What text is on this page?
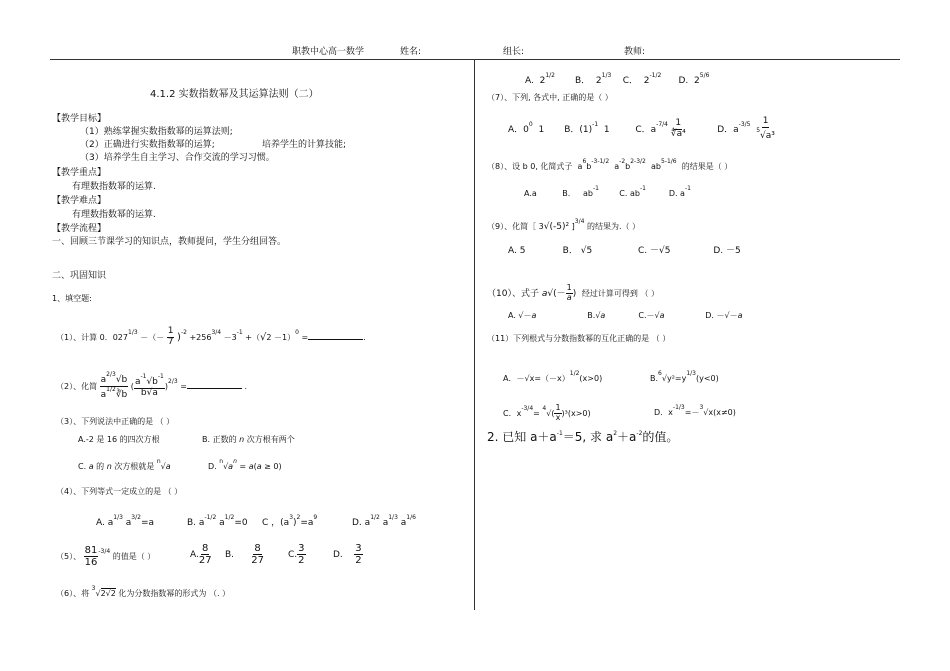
职教中心高一数学	姓名:	组长:	教师:
4.1.2 实数指数幂及其运算法则（二）
【教学目标】
（1）熟练掌握实数指数幂的运算法则;
（2）正确进行实数指数幂的运算;	培养学生的计算技能;
（3）培养学生自主学习、合作交流的学习习惯。
【教学重点】
有理数指数幂的运算.
【教学难点】
有理数指数幂的运算.
【教学流程】
一、回顾三节课学习的知识点，教师提问，学生分组回答。
二、巩固知识
1、填空题:
（1）、计算 0．$027^{1/3}$ －（－ $\frac{1}{7} )^{-2} +256^{3/4} -3^{-1} +(√2 -1)^0$ =	.
（2）、化简 $\frac{a^{2/3}√b}{a^{1/2}∛b}$ ( $\frac{a^{-1}√b^{-1}}{b√a} )^{2/3}$ =	.
（3）、下列说法中正确的是 （ ）
A.-2 是 16 的四次方根	B. 正数的 n 次方根有两个
C. a 的 n 次方根就是 $^n$√a	D. $^n√a^n = a(a \ge 0)$
（4）、下列等式一定成立的是 （ ）
A. $a^{1/3}$ $a^{3/2}=a$	B. $a^{-1/2}$ $a^{1/2}=0$ C ，$(a^3)^2=a^9$
D. $a^{1/2}$ $a^{1/3}$ $a^{1/6}$
（5）、 $\frac{81}{16} ^{-3/4}$ 的值是（ ）	A. $\frac{8}{27} B$. $\frac{8}{27}$	C. $\frac{3}{2}$	D. $\frac{3}{2}$
（6）、将 $^3$√2√2 化为分数指数幂的形式为 （. ）
A.  $2^{1/2}$       B．  $2^{1/3}$    C．  $2^{-1/2}$      D.  $2^{5/6}$
（7）、下列, 各式中, 正确的是（ ）
A．$0^0$  1 B．$(1)^{-1}$  1	C．$a^{-7/4} \frac{1}{\text{∜a⁴}}$	D．$a^{-3/5} \frac{1}{^5√a^3}$
（8）、设 b 0, 化简式子  $a^6b^{-3-1/2}$  $a^{-2}b^{2-3/2}$  $ab^{5-1/6}$  的结果是（ ）
A.a	B.     $ab^{-1}$        C. $ab^{-1}$         D. $a^{-1}$
（9）、化简［ 3√(-5)² ]$^{3/4}$ 的结果为.（ ）
A. 5	B． √5	C. －√5	D. －5
（10）、式子 $a√(- \frac{1}{a}$ )  经过计算可得到 （ ）
A. √－a	B.√a	C.－√a	D. －√－a
（11）下列根式与分数指数幂的互化正确的是 （ ）
A．$-√x=(-x)^{1/2}(x>0)$	$B.^6√y^2=y^{1/3}(y<0)$
C．$x^{-3/4}= ^4√( \frac{1}{x} )^3(x>0)$	D．$x^{-1/3}=-^3√x(x\ne 0)$
2. 已知 $a+a^{-1}=5$, 求 $a^2+a^{-2}$的值。
